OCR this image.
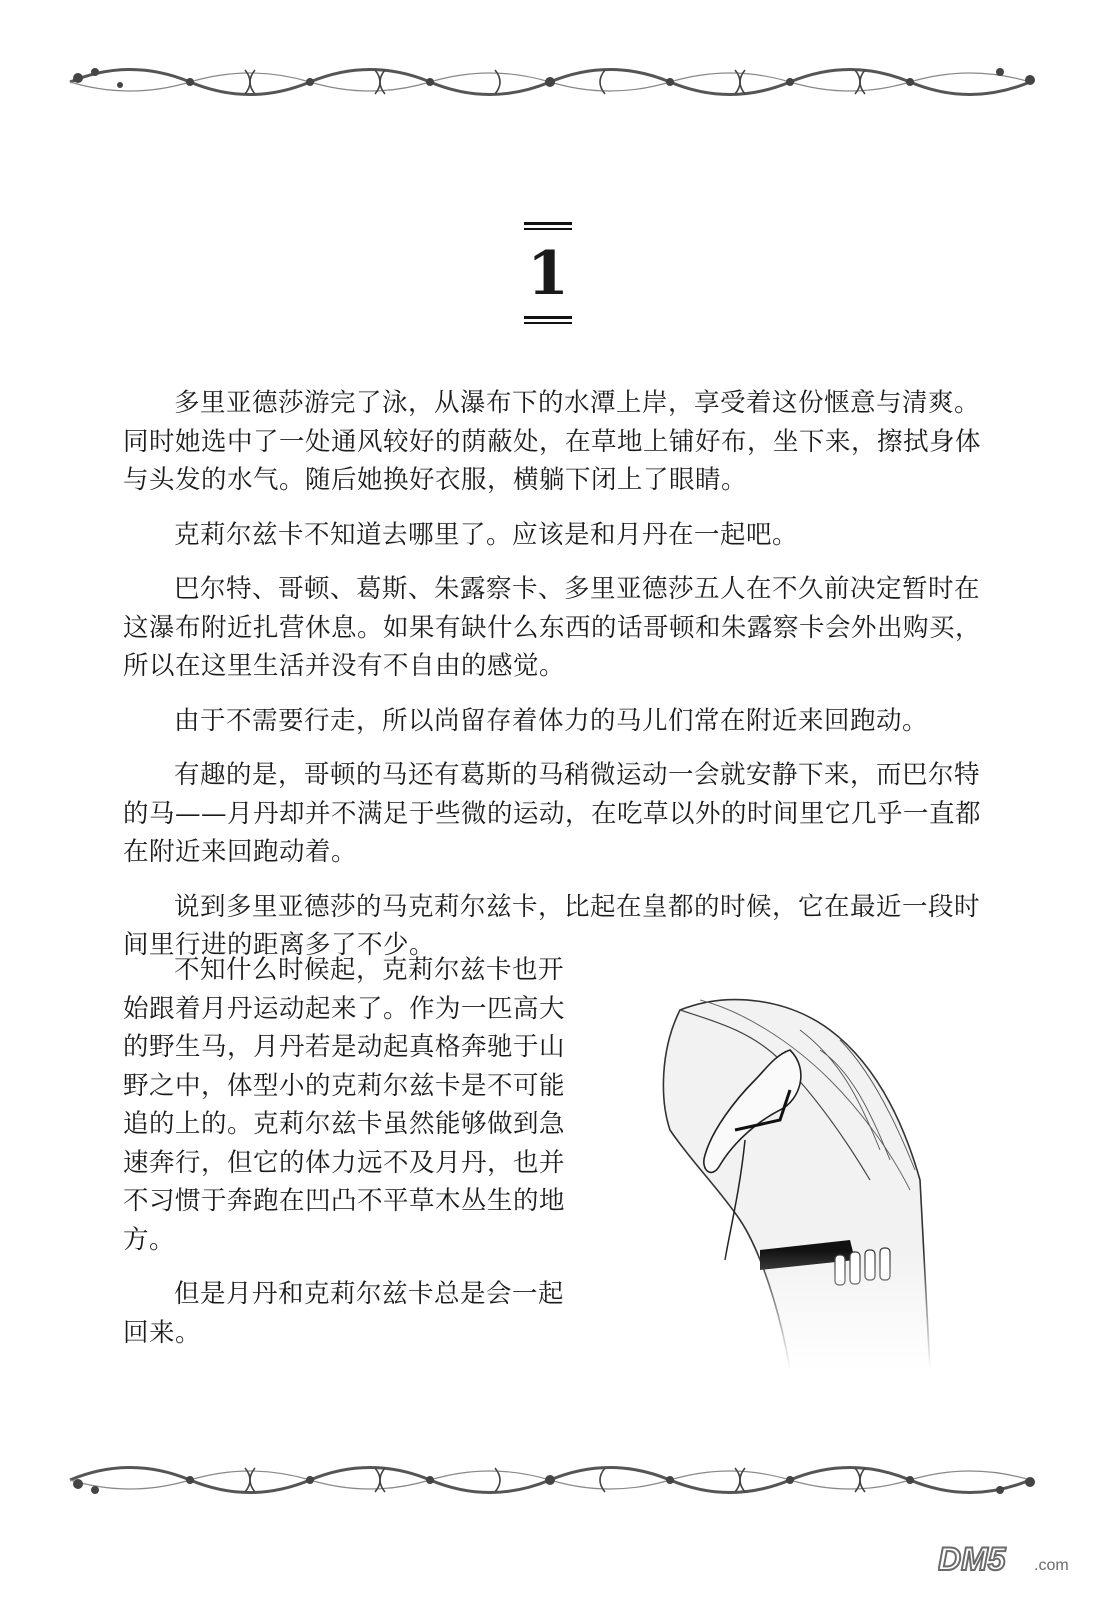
1

多里亚德莎游完了泳，从瀑布下的水潭上岸，享受着这份惬意与清爽。同时她选中了一处通风较好的荫蔽处，在草地上铺好布，坐下来，擦拭身体与头发的水气。随后她换好衣服，横躺下闭上了眼睛。

克莉尔兹卡不知道去哪里了。应该是和月丹在一起吧。

巴尔特、哥顿、葛斯、朱露察卡、多里亚德莎五人在不久前决定暂时在这瀑布附近扎营休息。如果有缺什么东西的话哥顿和朱露察卡会外出购买，所以在这里生活并没有不自由的感觉。

由于不需要行走，所以尚留存着体力的马儿们常在附近来回跑动。

有趣的是，哥顿的马还有葛斯的马稍微运动一会就安静下来，而巴尔特的马——月丹却并不满足于些微的运动，在吃草以外的时间里它几乎一直都在附近来回跑动着。

说到多里亚德莎的马克莉尔兹卡，比起在皇都的时候，它在最近一段时间里行进的距离多了不少。

不知什么时候起，克莉尔兹卡也开始跟着月丹运动起来了。作为一匹高大的野生马，月丹若是动起真格奔驰于山野之中，体型小的克莉尔兹卡是不可能追的上的。克莉尔兹卡虽然能够做到急速奔行，但它的体力远不及月丹，也并不习惯于奔跑在凹凸不平草木丛生的地方。

但是月丹和克莉尔兹卡总是会一起回来。

DM5 .com
